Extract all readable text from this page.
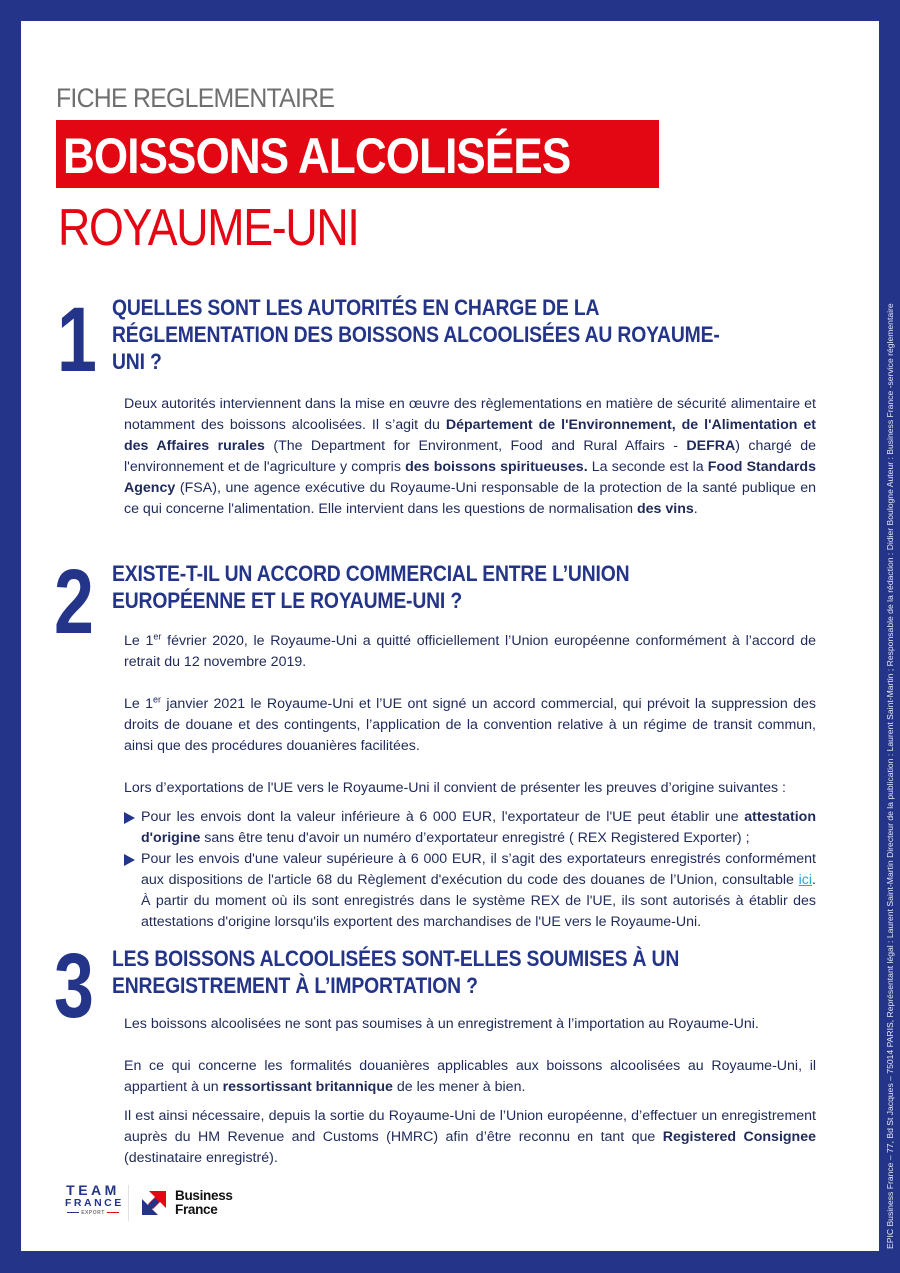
EPIC Business France – 77, Bd St Jacques – 75014 PARIS, Représentant légal : Laurent Saint-Martin Directeur de la publication : Laurent Saint-Martin ; Responsable de la rédaction : Didier Boulogne Auteur : Business France -service réglementaire
FICHE REGLEMENTAIRE
BOISSONS ALCOLISÉES
ROYAUME-UNI
1 QUELLES SONT LES AUTORITÉS EN CHARGE DE LA
RÉGLEMENTATION DES BOISSONS ALCOOLISÉES AU ROYAUME-
UNI ?

Deux autorités interviennent dans la mise en œuvre des règlementations en matière de sécurité alimentaire et notamment des boissons alcoolisées. Il s’agit du Département de l'Environnement, de l'Alimentation et des Affaires rurales (The Department for Environment, Food and Rural Affairs - DEFRA) chargé de l'environnement et de l'agriculture y compris des boissons spiritueuses. La seconde est la Food Standards Agency (FSA), une agence exécutive du Royaume-Uni responsable de la protection de la santé publique en ce qui concerne l'alimentation. Elle intervient dans les questions de normalisation des vins.

2 EXISTE-T-IL UN ACCORD COMMERCIAL ENTRE L’UNION
EUROPÉENNE ET LE ROYAUME-UNI ?

Le 1er février 2020, le Royaume-Uni a quitté officiellement l’Union européenne conformément à l’accord de retrait du 12 novembre 2019.

Le 1er janvier 2021 le Royaume-Uni et l’UE ont signé un accord commercial, qui prévoit la suppression des droits de douane et des contingents, l’application de la convention relative à un régime de transit commun, ainsi que des procédures douanières facilitées.

Lors d’exportations de l'UE vers le Royaume-Uni il convient de présenter les preuves d’origine suivantes :

Pour les envois dont la valeur inférieure à 6 000 EUR, l'exportateur de l'UE peut établir une attestation d'origine sans être tenu d'avoir un numéro d’exportateur enregistré ( REX Registered Exporter) ;
Pour les envois d'une valeur supérieure à 6 000 EUR, il s’agit des exportateurs enregistrés conformément aux dispositions de l'article 68 du Règlement d'exécution du code des douanes de l’Union, consultable ici. À partir du moment où ils sont enregistrés dans le système REX de l'UE, ils sont autorisés à établir des attestations d'origine lorsqu'ils exportent des marchandises de l'UE vers le Royaume-Uni.
3 LES BOISSONS ALCOOLISÉES SONT-ELLES SOUMISES À UN
ENREGISTREMENT À L’IMPORTATION ?

Les boissons alcoolisées ne sont pas soumises à un enregistrement à l’importation au Royaume-Uni.

En ce qui concerne les formalités douanières applicables aux boissons alcoolisées au Royaume-Uni, il appartient à un ressortissant britannique de les mener à bien.

Il est ainsi nécessaire, depuis la sortie du Royaume-Uni de l’Union européenne, d’effectuer un enregistrement auprès du HM Revenue and Customs (HMRC) afin d’être reconnu en tant que Registered Consignee (destinataire enregistré).

TEAM
FRANCE
EXPORT
Business
France
